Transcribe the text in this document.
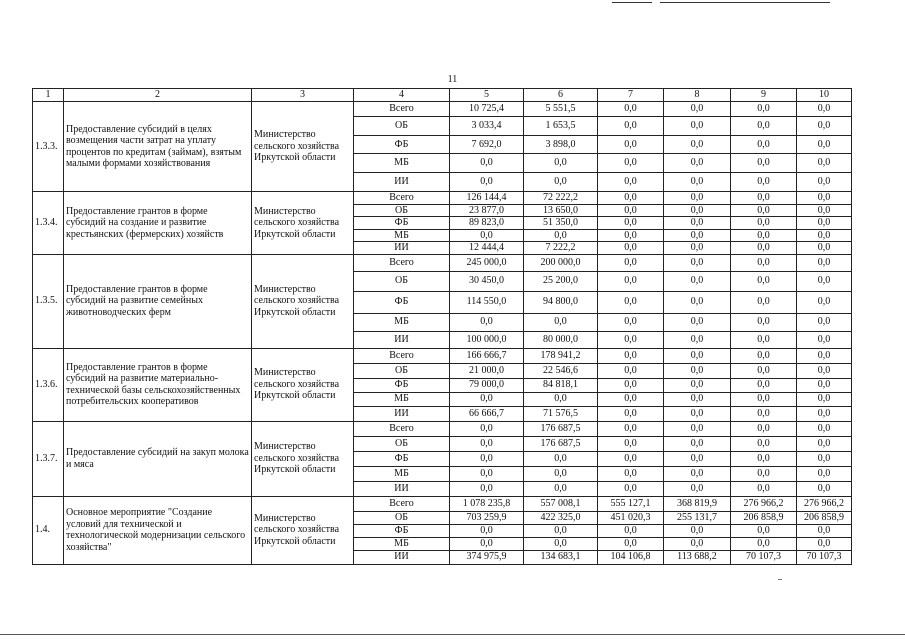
11
1	2	3	4	5	6	7	8	9	10
1.3.3.	Предоставление субсидий в целях возмещения части затрат на уплату процентов по кредитам (займам), взятым малыми формами хозяйствования	Министерство сельского хозяйства Иркутской области	Всего	10 725,4	5 551,5	0,0	0,0	0,0	0,0
			ОБ	3 033,4	1 653,5	0,0	0,0	0,0	0,0
			ФБ	7 692,0	3 898,0	0,0	0,0	0,0	0,0
			МБ	0,0	0,0	0,0	0,0	0,0	0,0
			ИИ	0,0	0,0	0,0	0,0	0,0	0,0
1.3.4.	Предоставление грантов в форме субсидий на создание и развитие крестьянских (фермерских) хозяйств	Министерство сельского хозяйства Иркутской области	Всего	126 144,4	72 222,2	0,0	0,0	0,0	0,0
			ОБ	23 877,0	13 650,0	0,0	0,0	0,0	0,0
			ФБ	89 823,0	51 350,0	0,0	0,0	0,0	0,0
			МБ	0,0	0,0	0,0	0,0	0,0	0,0
			ИИ	12 444,4	7 222,2	0,0	0,0	0,0	0,0
1.3.5.	Предоставление грантов в форме субсидий на развитие семейных животноводческих ферм	Министерство сельского хозяйства Иркутской области	Всего	245 000,0	200 000,0	0,0	0,0	0,0	0,0
			ОБ	30 450,0	25 200,0	0,0	0,0	0,0	0,0
			ФБ	114 550,0	94 800,0	0,0	0,0	0,0	0,0
			МБ	0,0	0,0	0,0	0,0	0,0	0,0
			ИИ	100 000,0	80 000,0	0,0	0,0	0,0	0,0
1.3.6.	Предоставление грантов в форме субсидий на развитие материально-технической базы сельскохозяйственных потребительских кооперативов	Министерство сельского хозяйства Иркутской области	Всего	166 666,7	178 941,2	0,0	0,0	0,0	0,0
			ОБ	21 000,0	22 546,6	0,0	0,0	0,0	0,0
			ФБ	79 000,0	84 818,1	0,0	0,0	0,0	0,0
			МБ	0,0	0,0	0,0	0,0	0,0	0,0
			ИИ	66 666,7	71 576,5	0,0	0,0	0,0	0,0
1.3.7.	Предоставление субсидий на закуп молока и мяса	Министерство сельского хозяйства Иркутской области	Всего	0,0	176 687,5	0,0	0,0	0,0	0,0
			ОБ	0,0	176 687,5	0,0	0,0	0,0	0,0
			ФБ	0,0	0,0	0,0	0,0	0,0	0,0
			МБ	0,0	0,0	0,0	0,0	0,0	0,0
			ИИ	0,0	0,0	0,0	0,0	0,0	0,0
1.4.	Основное мероприятие "Создание условий для технической и технологической модернизации сельского хозяйства"	Министерство сельского хозяйства Иркутской области	Всего	1 078 235,8	557 008,1	555 127,1	368 819,9	276 966,2	276 966,2
			ОБ	703 259,9	422 325,0	451 020,3	255 131,7	206 858,9	206 858,9
			ФБ	0,0	0,0	0,0	0,0	0,0	0,0
			МБ	0,0	0,0	0,0	0,0	0,0	0,0
			ИИ	374 975,9	134 683,1	104 106,8	113 688,2	70 107,3	70 107,3
